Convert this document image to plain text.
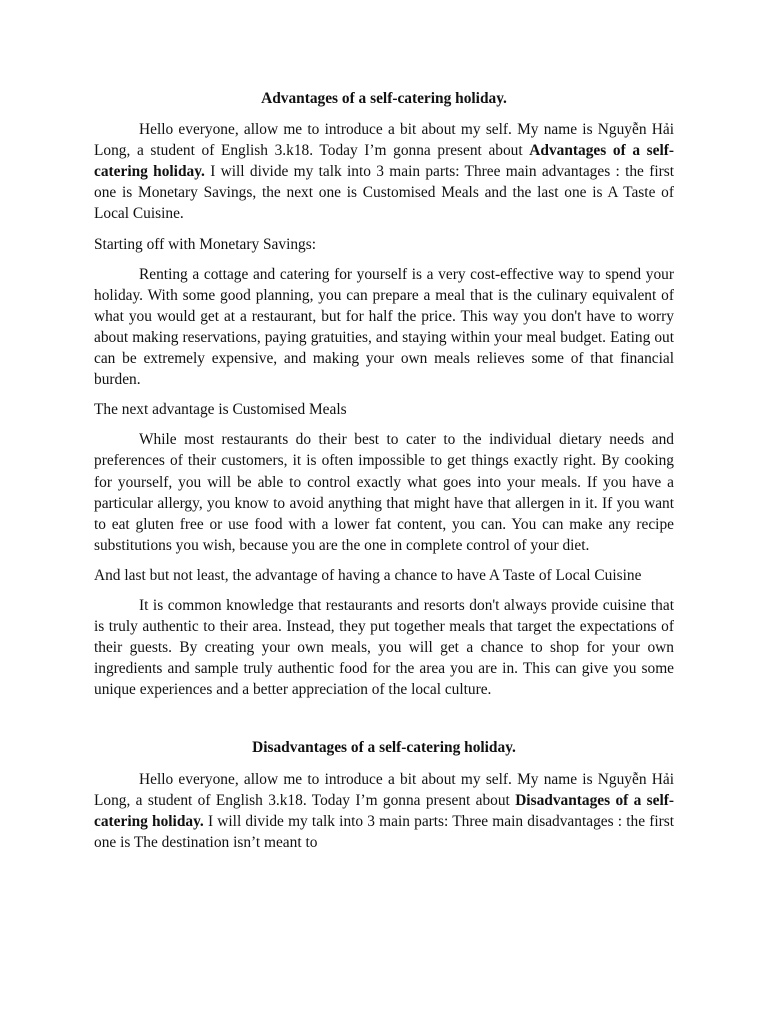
Advantages of a self-catering holiday.

Hello everyone, allow me to introduce a bit about my self. My name is Nguyễn Hải Long, a student of English 3.k18. Today I’m gonna present about Advantages of a self-catering holiday. I will divide my talk into 3 main parts: Three main advantages : the first one is Monetary Savings, the next one is Customised Meals and the last one is A Taste of Local Cuisine.

Starting off with Monetary Savings:

Renting a cottage and catering for yourself is a very cost-effective way to spend your holiday. With some good planning, you can prepare a meal that is the culinary equivalent of what you would get at a restaurant, but for half the price. This way you don't have to worry about making reservations, paying gratuities, and staying within your meal budget. Eating out can be extremely expensive, and making your own meals relieves some of that financial burden.

The next advantage is Customised Meals

While most restaurants do their best to cater to the individual dietary needs and preferences of their customers, it is often impossible to get things exactly right. By cooking for yourself, you will be able to control exactly what goes into your meals. If you have a particular allergy, you know to avoid anything that might have that allergen in it. If you want to eat gluten free or use food with a lower fat content, you can. You can make any recipe substitutions you wish, because you are the one in complete control of your diet.

And last but not least, the advantage of having a chance to have A Taste of Local Cuisine

It is common knowledge that restaurants and resorts don't always provide cuisine that is truly authentic to their area. Instead, they put together meals that target the expectations of their guests. By creating your own meals, you will get a chance to shop for your own ingredients and sample truly authentic food for the area you are in. This can give you some unique experiences and a better appreciation of the local culture.

Disadvantages of a self-catering holiday.

Hello everyone, allow me to introduce a bit about my self. My name is Nguyễn Hải Long, a student of English 3.k18. Today I’m gonna present about Disadvantages of a self-catering holiday. I will divide my talk into 3 main parts: Three main disadvantages : the first one is The destination isn’t meant to
